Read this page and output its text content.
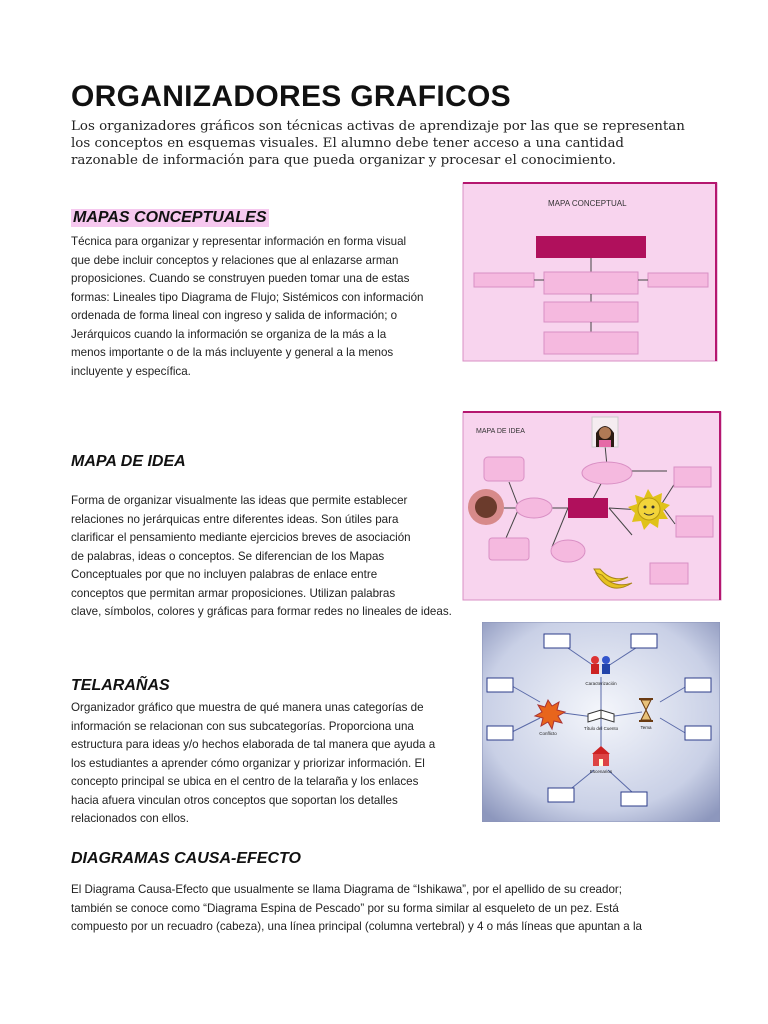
ORGANIZADORES GRAFICOS
Los organizadores gráficos son técnicas activas de aprendizaje por las que se representan los conceptos en esquemas visuales. El alumno debe tener acceso a una cantidad razonable de información para que pueda organizar y procesar el conocimiento.
MAPAS CONCEPTUALES
Técnica para organizar y representar información en forma visual
que debe incluir conceptos y relaciones que al enlazarse arman
proposiciones. Cuando se construyen pueden tomar una de estas
formas: Lineales tipo Diagrama de Flujo; Sistémicos con información
ordenada de forma lineal con ingreso y salida de información; o
Jerárquicos cuando la información se organiza de la más a la
menos importante o de la más incluyente y general a la menos
incluyente y específica.
MAPA CONCEPTUAL
MAPA DE IDEA
Forma de organizar visualmente las ideas que permite establecer
relaciones no jerárquicas entre diferentes ideas. Son útiles para
clarificar el pensamiento mediante ejercicios breves de asociación
de palabras, ideas o conceptos. Se diferencian de los Mapas
Conceptuales por que no incluyen palabras de enlace entre
conceptos que permitan armar proposiciones. Utilizan palabras
clave, símbolos, colores y gráficas para formar redes no lineales de ideas.
MAPA DE IDEA
TELARAÑAS
Organizador gráfico que muestra de qué manera unas categorías de
información se relacionan con sus subcategorías. Proporciona una
estructura para ideas y/o hechos elaborada de tal manera que ayuda a
los estudiantes a aprender cómo organizar y priorizar información. El
concepto principal se ubica en el centro de la telaraña y los enlaces
hacia afuera vinculan otros conceptos que soportan los detalles
relacionados con ellos.
Caracterización
Conflicto
Título del Cuento	Tema
Escenarios
DIAGRAMAS CAUSA-EFECTO
El Diagrama Causa-Efecto que usualmente se llama Diagrama de “Ishikawa”, por el apellido de su creador;
también se conoce como “Diagrama Espina de Pescado” por su forma similar al esqueleto de un pez. Está
compuesto por un recuadro (cabeza), una línea principal (columna vertebral) y 4 o más líneas que apuntan a la
